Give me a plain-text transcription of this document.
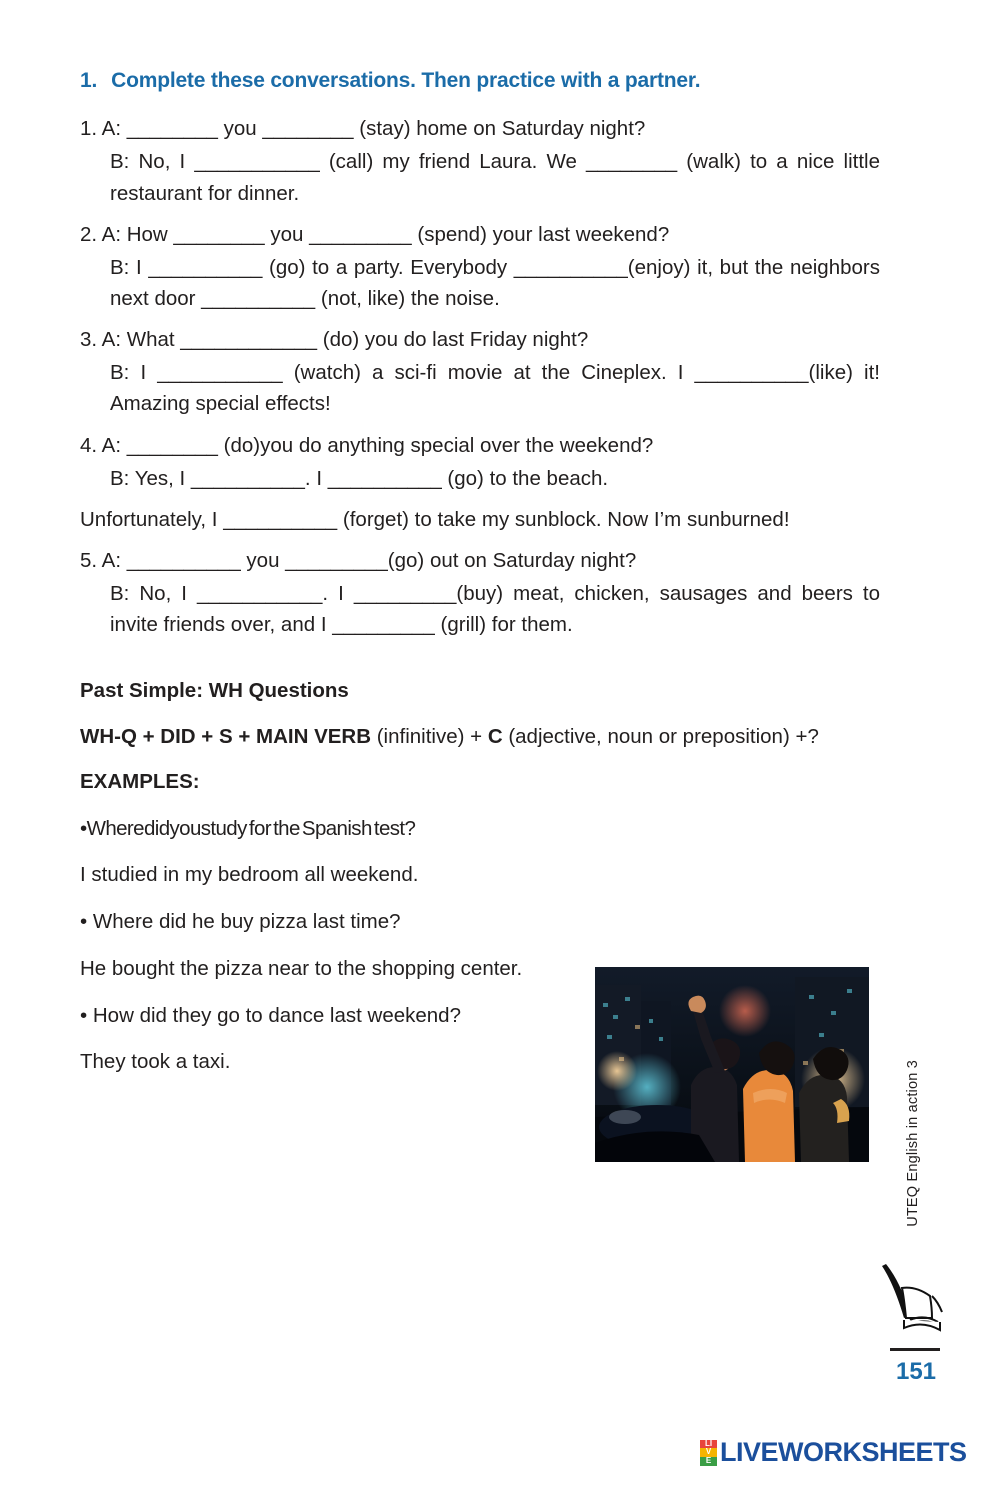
1. Complete these conversations. Then practice with a partner.

1. A: ________ you ________ (stay) home on Saturday night?

B: No, I ___________ (call) my friend Laura. We ________ (walk) to a nice little restaurant for dinner.

2. A: How ________ you _________ (spend) your last weekend?

B: I __________ (go) to a party. Everybody __________(enjoy) it, but the neighbors next door __________ (not, like) the noise.

3. A: What ____________ (do) you do last Friday night?

B: I ___________ (watch) a sci-fi movie at the Cineplex. I __________(like) it! Amazing special effects!

4. A: ________ (do)you do anything special over the weekend?

B: Yes, I __________. I __________ (go) to the beach.

Unfortunately, I __________ (forget) to take my sunblock. Now I’m sunburned!

5. A: __________ you _________(go) out on Saturday night?

B: No, I ___________. I _________(buy) meat, chicken, sausages and beers to invite friends over, and I _________ (grill) for them.

Past Simple: WH Questions

WH-Q + DID + S + MAIN VERB (infinitive) + C (adjective, noun or preposition) +?

EXAMPLES:

•Wheredidyoustudy for the Spanish test?

I studied in my bedroom all weekend.

• Where did he buy pizza last time?

He bought the pizza near to the shopping center.

• How did they go to dance last weekend?

They took a taxi.	UTEQ English in action 3
151
LI
V
E LIVEWORKSHEETS
